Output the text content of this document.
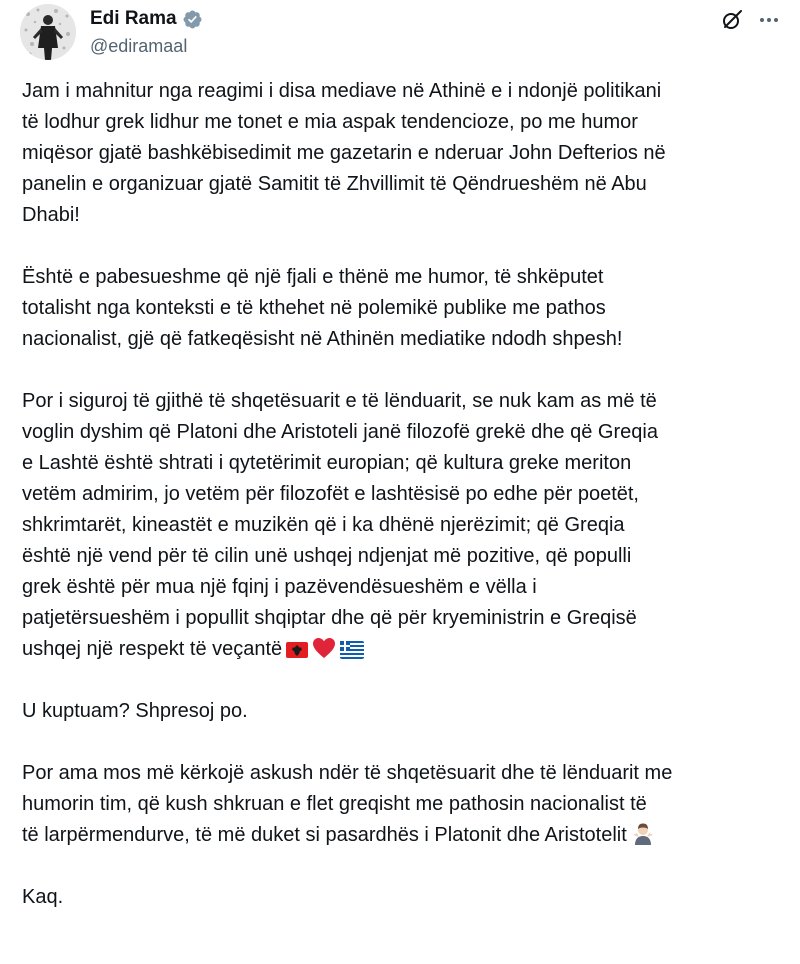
Edi Rama
@ediramaal

Jam i mahnitur nga reagimi i disa mediave në Athinë e i ndonjë politikani
të lodhur grek lidhur me tonet e mia aspak tendencioze, po me humor
miqësor gjatë bashkëbisedimit me gazetarin e nderuar John Defterios në
panelin e organizuar gjatë Samitit të Zhvillimit të Qëndrueshëm në Abu
Dhabi!

Është e pabesueshme që një fjali e thënë me humor, të shkëputet
totalisht nga konteksti e të kthehet në polemikë publike me pathos
nacionalist, gjë që fatkeqësisht në Athinën mediatike ndodh shpesh!

Por i siguroj të gjithë të shqetësuarit e të lënduarit, se nuk kam as më të
voglin dyshim që Platoni dhe Aristoteli janë filozofë grekë dhe që Greqia
e Lashtë është shtrati i qytetërimit europian; që kultura greke meriton
vetëm admirim, jo vetëm për filozofët e lashtësisë po edhe për poetët,
shkrimtarët, kineastët e muzikën që i ka dhënë njerëzimit; që Greqia
është një vend për të cilin unë ushqej ndjenjat më pozitive, që populli
grek është për mua një fqinj i pazëvendësueshëm e vëlla i
patjetërsueshëm i popullit shqiptar dhe që për kryeministrin e Greqisë
ushqej një respekt të veçantë

U kuptuam? Shpresoj po.

Por ama mos më kërkojë askush ndër të shqetësuarit dhe të lënduarit me
humorin tim, që kush shkruan e flet greqisht me pathosin nacionalist të
të larpërmendurve, të më duket si pasardhës i Platonit dhe Aristotelit

Kaq.
